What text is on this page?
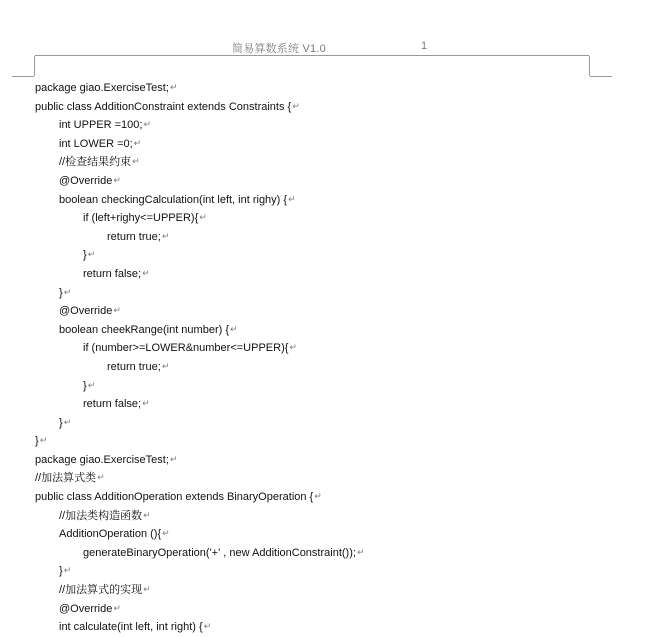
简易算数系统 V1.0	1
package giao.ExerciseTest;↵
public class AdditionConstraint extends Constraints {↵
int UPPER =100;↵
int LOWER =0;↵
//检查结果约束↵
@Override↵
boolean checkingCalculation(int left, int righy) {↵
if (left+righy<=UPPER){↵
return true;↵
}↵
return false;↵
}↵
@Override↵
boolean cheekRange(int number) {↵
if (number>=LOWER&number<=UPPER){↵
return true;↵
}↵
return false;↵
}↵
}↵
package giao.ExerciseTest;↵
//加法算式类↵
public class AdditionOperation extends BinaryOperation {↵
//加法类构造函数↵
AdditionOperation (){↵
generateBinaryOperation('+' , new AdditionConstraint());↵
}↵
//加法算式的实现↵
@Override↵
int calculate(int left, int right) {↵
